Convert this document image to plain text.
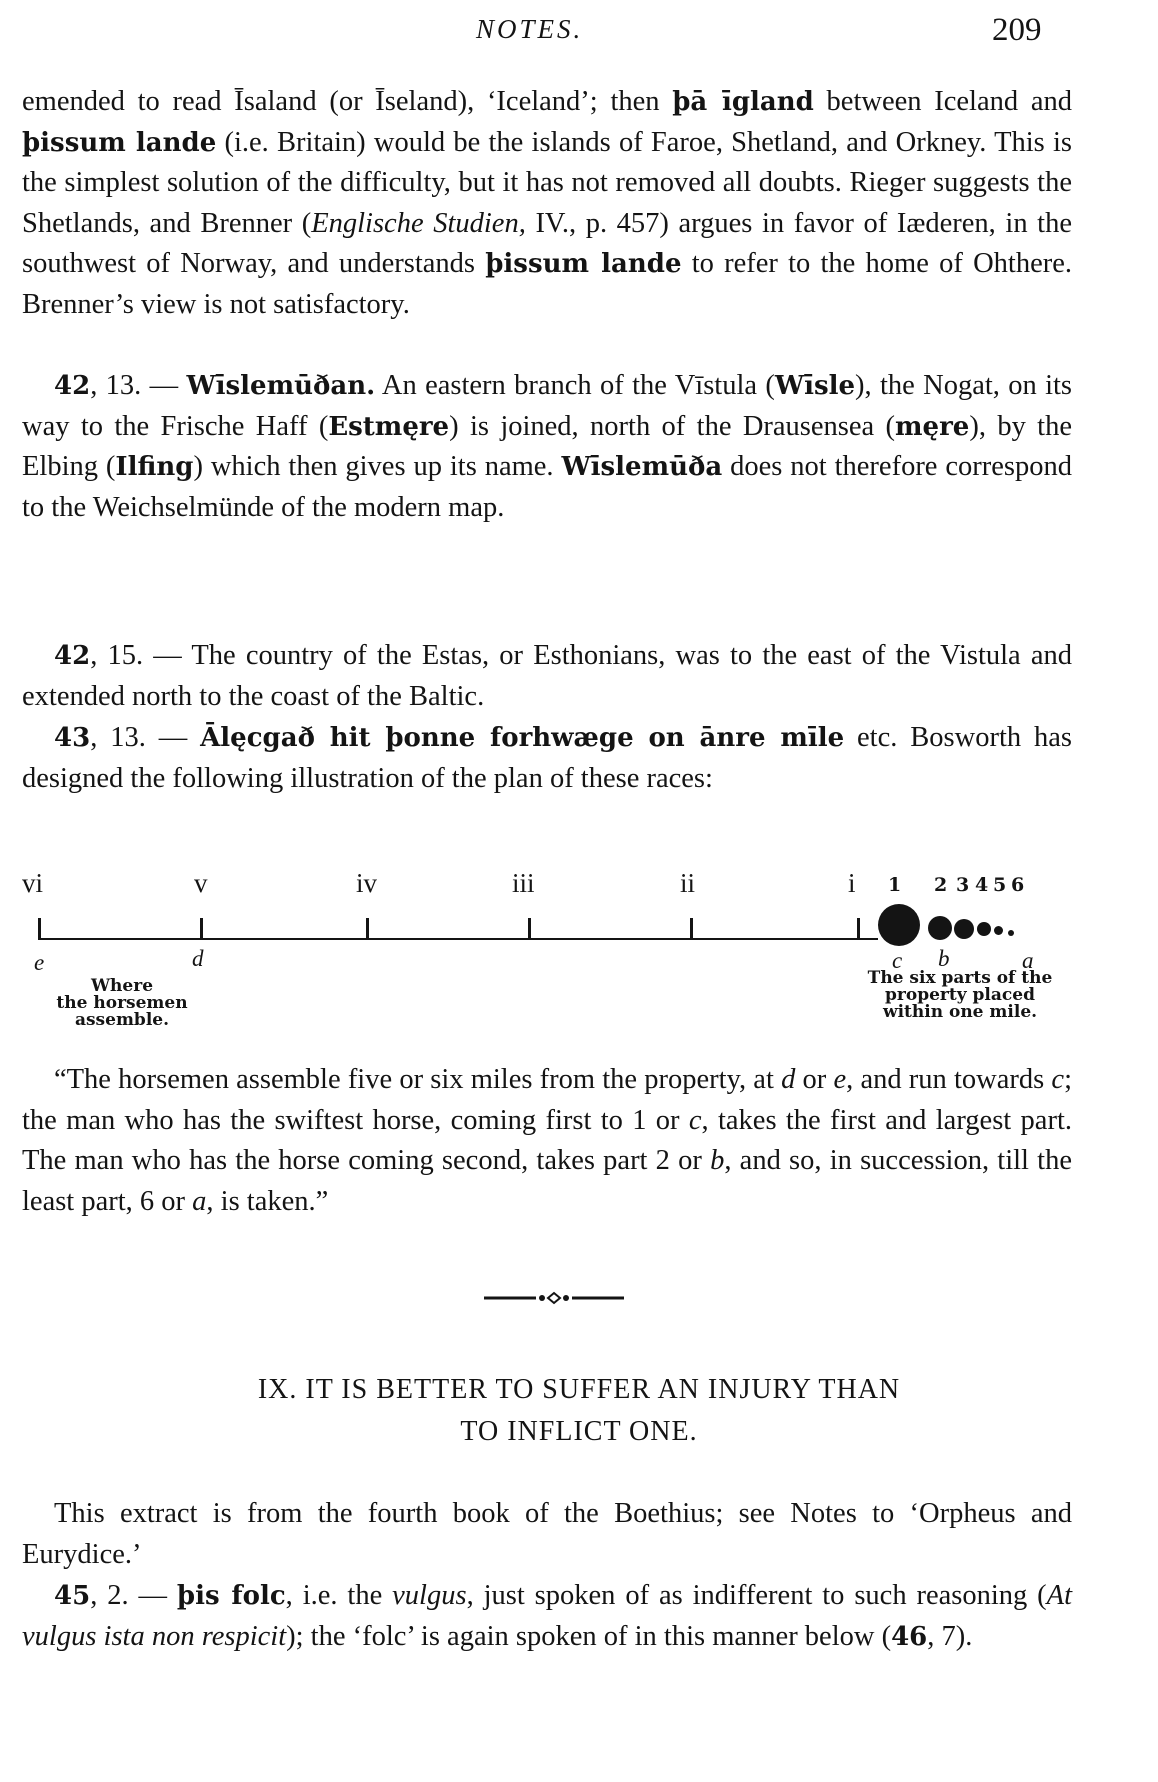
NOTES.	209

emended to read Īsaland (or Īseland), ‘Iceland’; then þā īgland between Iceland and þissum lande (i.e. Britain) would be the islands of Faroe, Shetland, and Orkney. This is the simplest solution of the difficulty, but it has not removed all doubts. Rieger suggests the Shetlands, and Brenner (Englische Studien, IV., p. 457) argues in favor of Iæderen, in the southwest of Norway, and understands þissum lande to refer to the home of Ohthere. Brenner’s view is not satisfactory.

42, 13. — Wīslemūðan. An eastern branch of the Vīstula (Wīsle), the Nogat, on its way to the Frische Haff (Estmęre) is joined, north of the Drausensea (męre), by the Elbing (Ilfing) which then gives up its name. Wīslemūða does not therefore correspond to the Weichselmünde of the modern map.

42, 15. — The country of the Estas, or Esthonians, was to the east of the Vistula and extended north to the coast of the Baltic.

43, 13. — Ālęcgað hit þonne forhwæge on ānre mīle etc. Bosworth has designed the following illustration of the plan of these races:

vi	v	iv	iii	ii	i 1 2 3 4 5 6
e	d	c b	a
Where
the horsemen
assemble.
The six parts of the
property placed
within one mile.

“The horsemen assemble five or six miles from the property, at d or e, and run towards c; the man who has the swiftest horse, coming first to 1 or c, takes the first and largest part. The man who has the horse coming second, takes part 2 or b, and so, in succession, till the least part, 6 or a, is taken.”

IX. IT IS BETTER TO SUFFER AN INJURY THAN
TO INFLICT ONE.

This extract is from the fourth book of the Boethius; see Notes to ‘Orpheus and Eurydice.’

45, 2. — þis folc, i.e. the vulgus, just spoken of as indifferent to such reasoning (At vulgus ista non respicit); the ‘folc’ is again spoken of in this manner below (46, 7).
